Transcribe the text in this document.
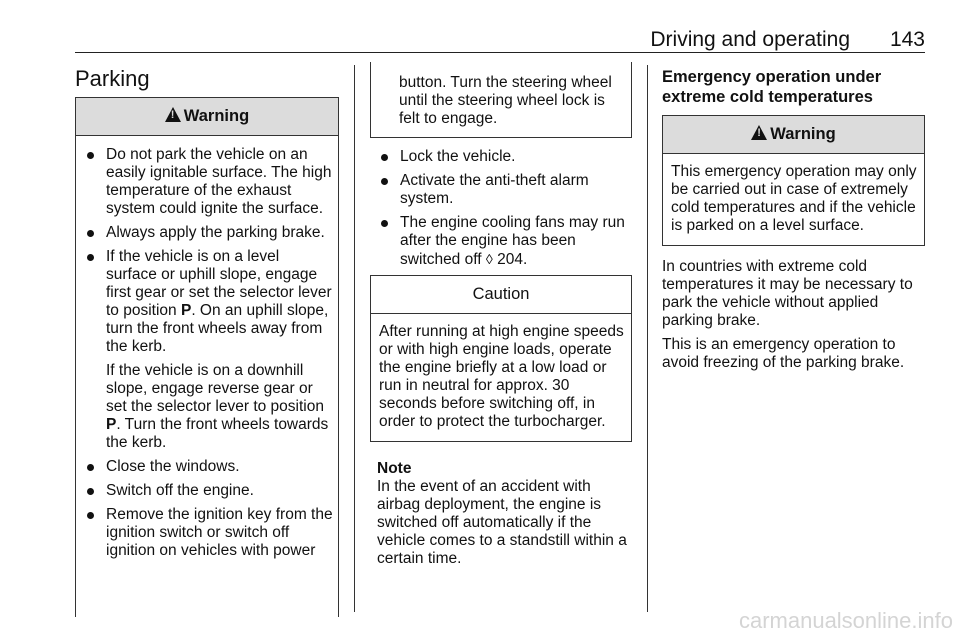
Driving and operating	143
Parking
!Warning
Do not park the vehicle on an easily ignitable surface. The high temperature of the exhaust system could ignite the surface.
Always apply the parking brake.
If the vehicle is on a level surface or uphill slope, engage first gear or set the selector lever to position P. On an uphill slope, turn the front wheels away from the kerb.
If the vehicle is on a downhill slope, engage reverse gear or set the selector lever to position P. Turn the front wheels towards the kerb.
Close the windows.
Switch off the engine.
Remove the ignition key from the ignition switch or switch off ignition on vehicles with power
button. Turn the steering wheel until the steering wheel lock is felt to engage.
Lock the vehicle.
Activate the anti-theft alarm system.
The engine cooling fans may run after the engine has been switched off ◊ 204.
Caution
After running at high engine speeds or with high engine loads, operate the engine briefly at a low load or run in neutral for approx. 30 seconds before switching off, in order to protect the turbocharger.
Note
In the event of an accident with airbag deployment, the engine is switched off automatically if the vehicle comes to a standstill within a certain time.
Emergency operation under extreme cold temperatures
!Warning
This emergency operation may only be carried out in case of extremely cold temperatures and if the vehicle is parked on a level surface.

In countries with extreme cold temperatures it may be necessary to park the vehicle without applied parking brake.

This is an emergency operation to avoid freezing of the parking brake.

carmanualsonline.info
